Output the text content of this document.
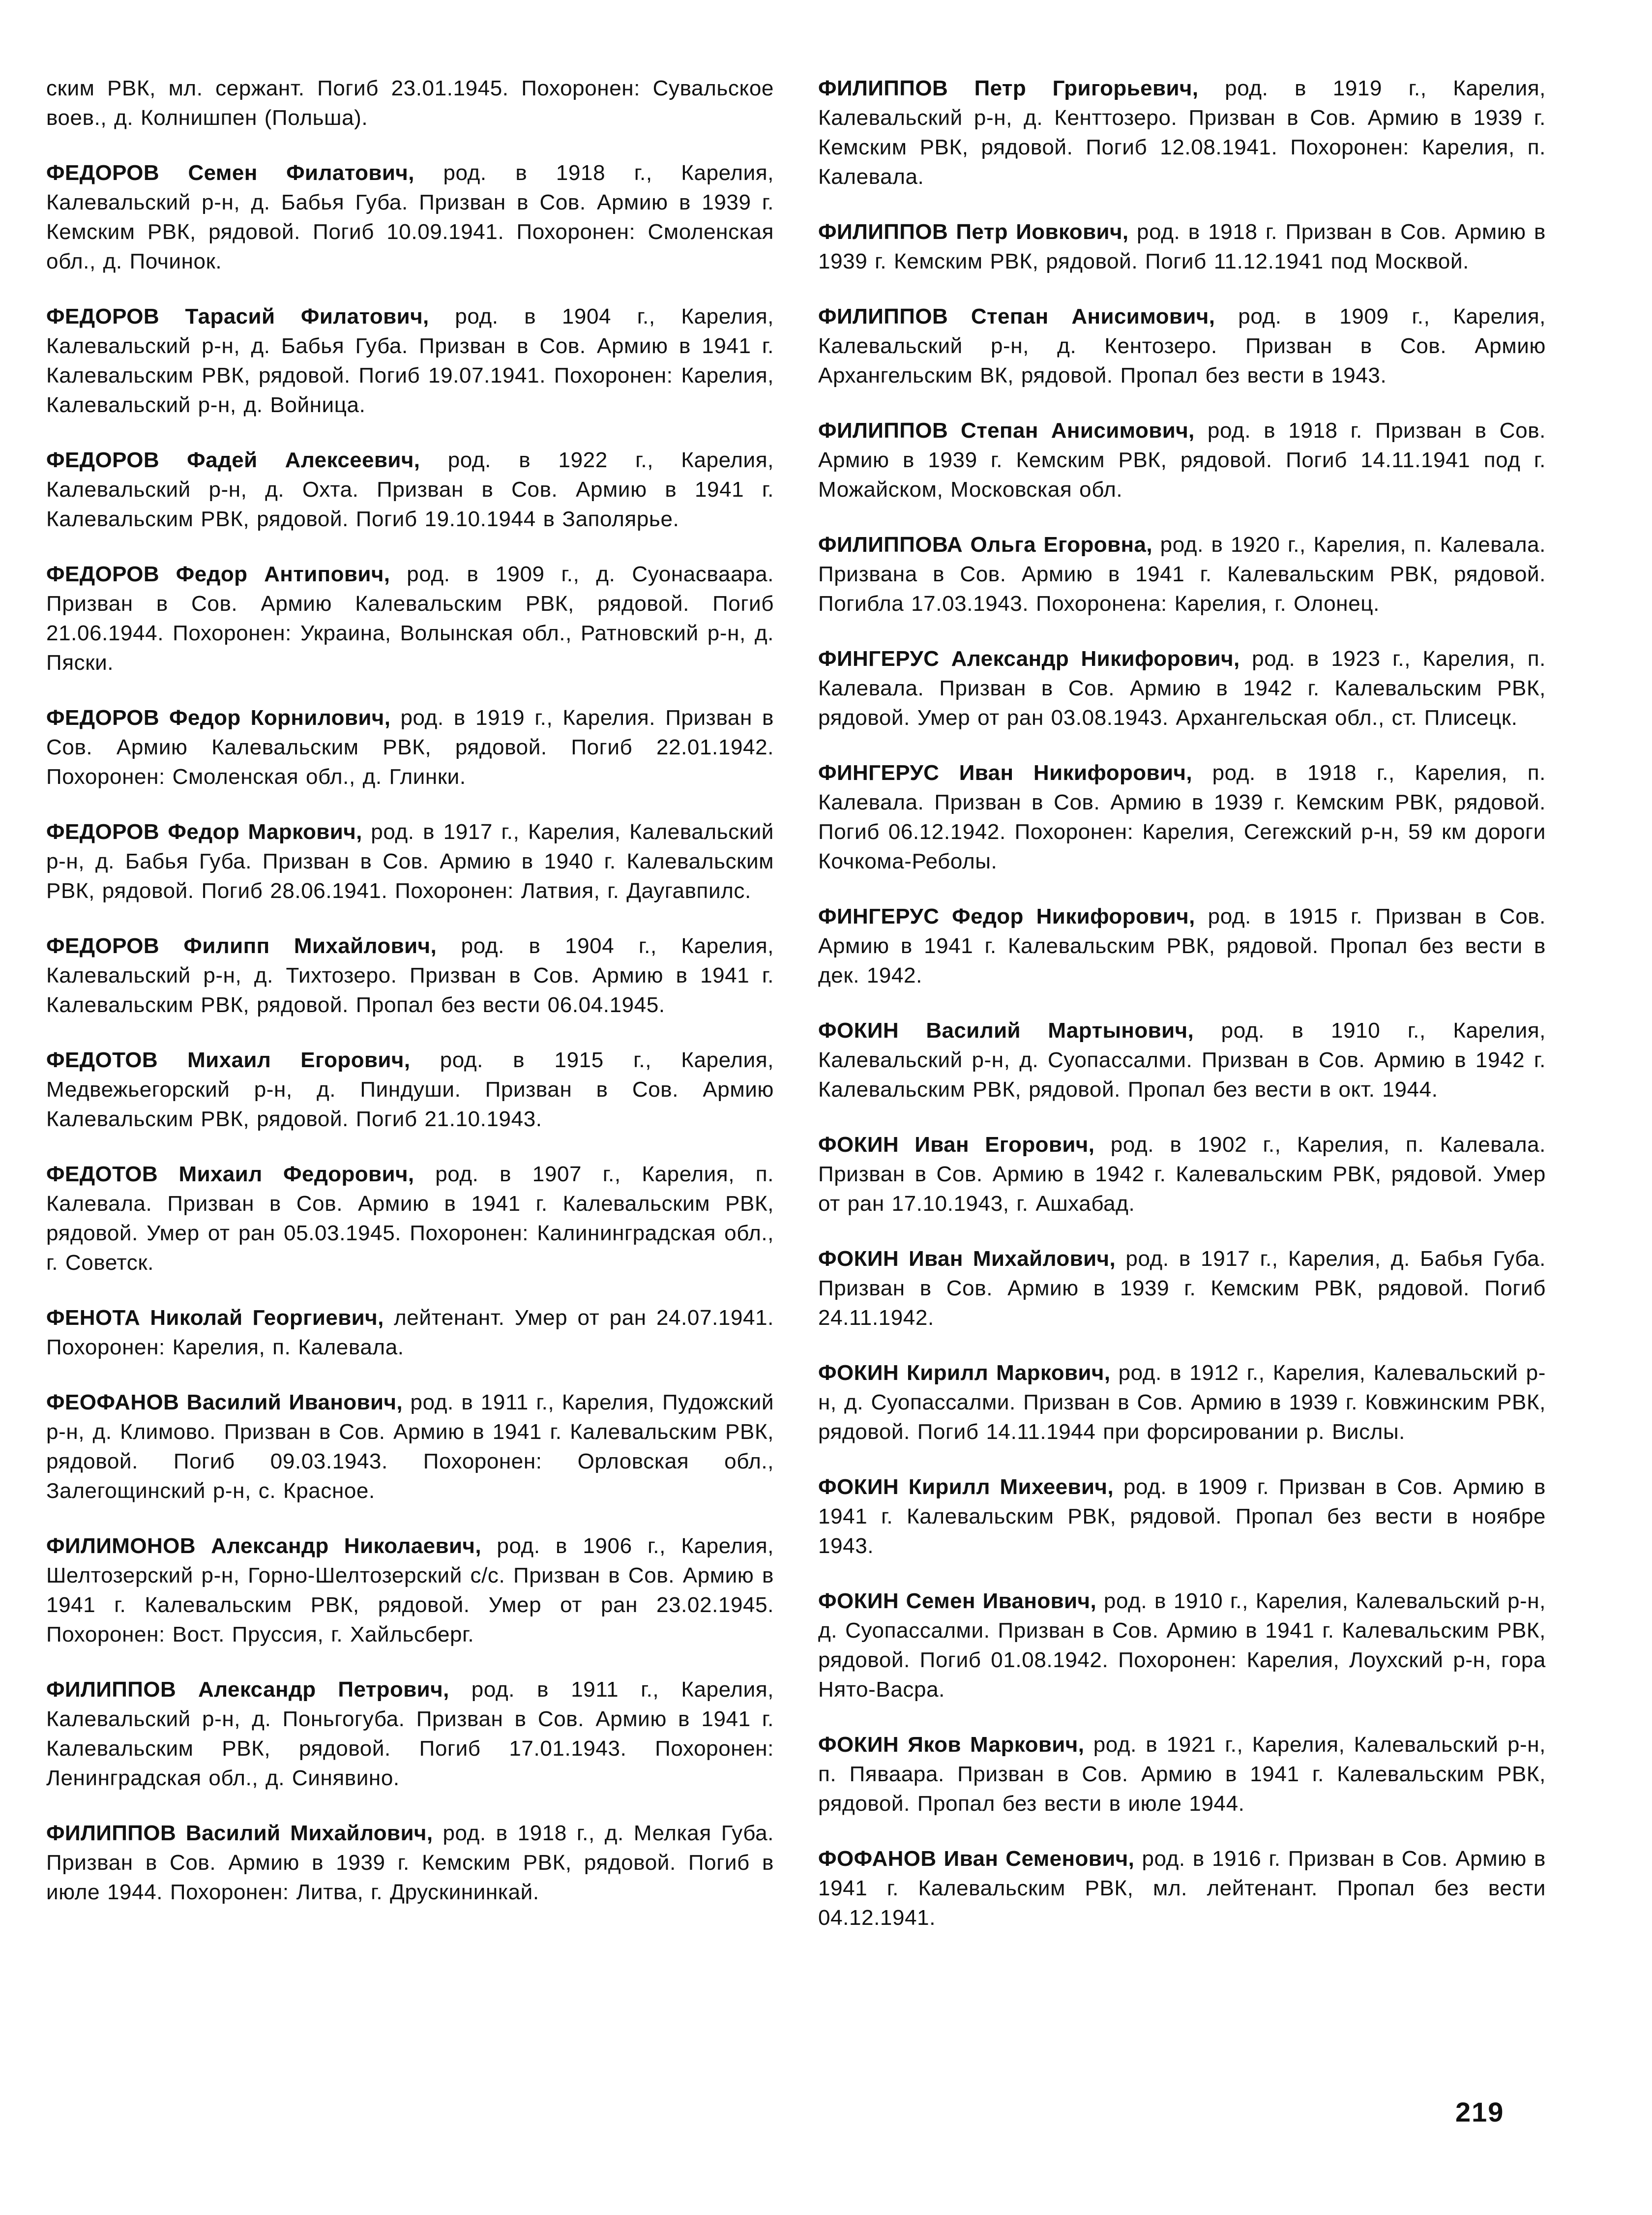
ским РВК, мл. сержант. Погиб 23.01.1945. Похоронен: Сувальское воев., д. Колнишпен (Польша).

ФЕДОРОВ Семен Филатович, род. в 1918 г., Карелия, Калевальский р-н, д. Бабья Губа. Призван в Сов. Армию в 1939 г. Кемским РВК, рядовой. Погиб 10.09.1941. Похоронен: Смоленская обл., д. Починок.

ФЕДОРОВ Тарасий Филатович, род. в 1904 г., Карелия, Калевальский р-н, д. Бабья Губа. Призван в Сов. Армию в 1941 г. Калевальским РВК, рядовой. Погиб 19.07.1941. Похоронен: Карелия, Калевальский р-н, д. Войница.

ФЕДОРОВ Фадей Алексеевич, род. в 1922 г., Карелия, Калевальский р-н, д. Охта. Призван в Сов. Армию в 1941 г. Калевальским РВК, рядовой. Погиб 19.10.1944 в Заполярье.

ФЕДОРОВ Федор Антипович, род. в 1909 г., д. Суонасваара. Призван в Сов. Армию Калевальским РВК, рядовой. Погиб 21.06.1944. Похоронен: Украина, Волынская обл., Ратновский р-н, д. Пяски.

ФЕДОРОВ Федор Корнилович, род. в 1919 г., Карелия. Призван в Сов. Армию Калевальским РВК, рядовой. Погиб 22.01.1942. Похоронен: Смоленская обл., д. Глинки.

ФЕДОРОВ Федор Маркович, род. в 1917 г., Карелия, Калевальский р-н, д. Бабья Губа. Призван в Сов. Армию в 1940 г. Калевальским РВК, рядовой. Погиб 28.06.1941. Похоронен: Латвия, г. Даугавпилс.

ФЕДОРОВ Филипп Михайлович, род. в 1904 г., Карелия, Калевальский р-н, д. Тихтозеро. Призван в Сов. Армию в 1941 г. Калевальским РВК, рядовой. Пропал без вести 06.04.1945.

ФЕДОТОВ Михаил Егорович, род. в 1915 г., Карелия, Медвежьегорский р-н, д. Пиндуши. Призван в Сов. Армию Калевальским РВК, рядовой. Погиб 21.10.1943.

ФЕДОТОВ Михаил Федорович, род. в 1907 г., Карелия, п. Калевала. Призван в Сов. Армию в 1941 г. Калевальским РВК, рядовой. Умер от ран 05.03.1945. Похоронен: Калининградская обл., г. Советск.

ФЕНОТА Николай Георгиевич, лейтенант. Умер от ран 24.07.1941. Похоронен: Карелия, п. Калевала.

ФЕОФАНОВ Василий Иванович, род. в 1911 г., Карелия, Пудожский р-н, д. Климово. Призван в Сов. Армию в 1941 г. Калевальским РВК, рядовой. Погиб 09.03.1943. Похоронен: Орловская обл., Залегощинский р-н, с. Красное.

ФИЛИМОНОВ Александр Николаевич, род. в 1906 г., Карелия, Шелтозерский р-н, Горно-Шелтозерский с/с. Призван в Сов. Армию в 1941 г. Калевальским РВК, рядовой. Умер от ран 23.02.1945. Похоронен: Вост. Пруссия, г. Хайльсберг.

ФИЛИППОВ Александр Петрович, род. в 1911 г., Карелия, Калевальский р-н, д. Поньгогуба. Призван в Сов. Армию в 1941 г. Калевальским РВК, рядовой. Погиб 17.01.1943. Похоронен: Ленинградская обл., д. Синявино.

ФИЛИППОВ Василий Михайлович, род. в 1918 г., д. Мелкая Губа. Призван в Сов. Армию в 1939 г. Кемским РВК, рядовой. Погиб в июле 1944. Похоронен: Литва, г. Друскининкай.

ФИЛИППОВ Петр Григорьевич, род. в 1919 г., Карелия, Калевальский р-н, д. Кенттозеро. Призван в Сов. Армию в 1939 г. Кемским РВК, рядовой. Погиб 12.08.1941. Похоронен: Карелия, п. Калевала.

ФИЛИППОВ Петр Иовкович, род. в 1918 г. Призван в Сов. Армию в 1939 г. Кемским РВК, рядовой. Погиб 11.12.1941 под Москвой.

ФИЛИППОВ Степан Анисимович, род. в 1909 г., Карелия, Калевальский р-н, д. Кентозеро. Призван в Сов. Армию Архангельским ВК, рядовой. Пропал без вести в 1943.

ФИЛИППОВ Степан Анисимович, род. в 1918 г. Призван в Сов. Армию в 1939 г. Кемским РВК, рядовой. Погиб 14.11.1941 под г. Можайском, Московская обл.

ФИЛИППОВА Ольга Егоровна, род. в 1920 г., Карелия, п. Калевала. Призвана в Сов. Армию в 1941 г. Калевальским РВК, рядовой. Погибла 17.03.1943. Похоронена: Карелия, г. Олонец.

ФИНГЕРУС Александр Никифорович, род. в 1923 г., Карелия, п. Калевала. Призван в Сов. Армию в 1942 г. Калевальским РВК, рядовой. Умер от ран 03.08.1943. Архангельская обл., ст. Плисецк.

ФИНГЕРУС Иван Никифорович, род. в 1918 г., Карелия, п. Калевала. Призван в Сов. Армию в 1939 г. Кемским РВК, рядовой. Погиб 06.12.1942. Похоронен: Карелия, Сегежский р-н, 59 км дороги Кочкома-Реболы.

ФИНГЕРУС Федор Никифорович, род. в 1915 г. Призван в Сов. Армию в 1941 г. Калевальским РВК, рядовой. Пропал без вести в дек. 1942.

ФОКИН Василий Мартынович, род. в 1910 г., Карелия, Калевальский р-н, д. Суопассалми. Призван в Сов. Армию в 1942 г. Калевальским РВК, рядовой. Пропал без вести в окт. 1944.

ФОКИН Иван Егорович, род. в 1902 г., Карелия, п. Калевала. Призван в Сов. Армию в 1942 г. Калевальским РВК, рядовой. Умер от ран 17.10.1943, г. Ашхабад.

ФОКИН Иван Михайлович, род. в 1917 г., Карелия, д. Бабья Губа. Призван в Сов. Армию в 1939 г. Кемским РВК, рядовой. Погиб 24.11.1942.

ФОКИН Кирилл Маркович, род. в 1912 г., Карелия, Калевальский р-н, д. Суопассалми. Призван в Сов. Армию в 1939 г. Ковжинским РВК, рядовой. Погиб 14.11.1944 при форсировании р. Вислы.

ФОКИН Кирилл Михеевич, род. в 1909 г. Призван в Сов. Армию в 1941 г. Калевальским РВК, рядовой. Пропал без вести в ноябре 1943.

ФОКИН Семен Иванович, род. в 1910 г., Карелия, Калевальский р-н, д. Суопассалми. Призван в Сов. Армию в 1941 г. Калевальским РВК, рядовой. Погиб 01.08.1942. Похоронен: Карелия, Лоухский р-н, гора Нято-Васра.

ФОКИН Яков Маркович, род. в 1921 г., Карелия, Калевальский р-н, п. Пяваара. Призван в Сов. Армию в 1941 г. Калевальским РВК, рядовой. Пропал без вести в июле 1944.

ФОФАНОВ Иван Семенович, род. в 1916 г. Призван в Сов. Армию в 1941 г. Калевальским РВК, мл. лейтенант. Пропал без вести 04.12.1941.

219
